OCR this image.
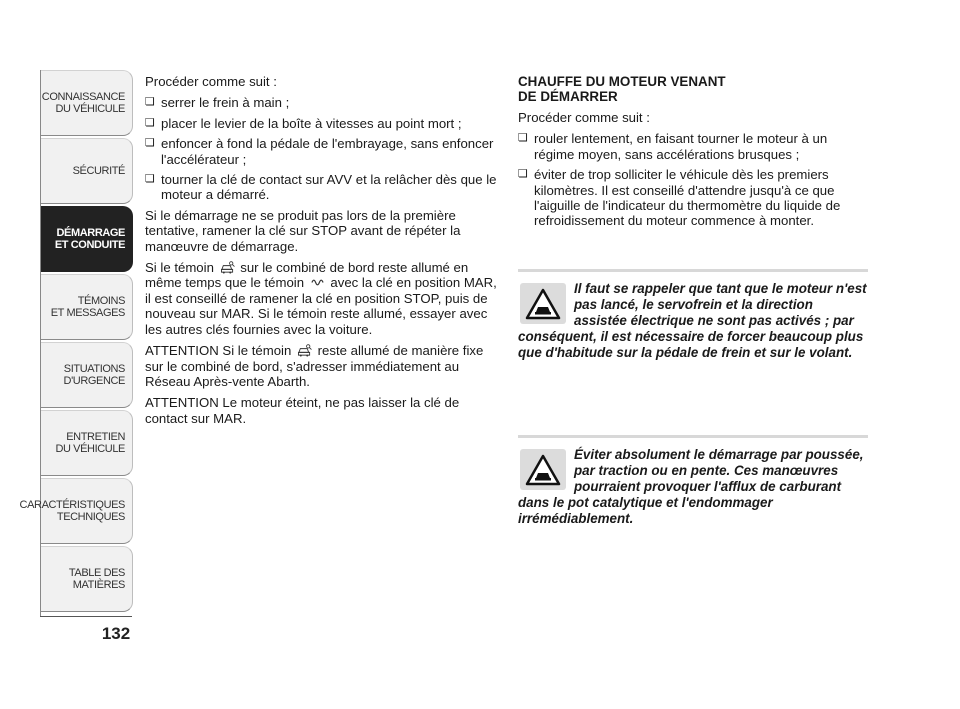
CONNAISSANCE
DU VÉHICULE
SÉCURITÉ
DÉMARRAGE
ET CONDUITE
TÉMOINS
ET MESSAGES
SITUATIONS
D'URGENCE
ENTRETIEN
DU VÉHICULE
CARACTÉRISTIQUES
TECHNIQUES
TABLE DES
MATIÈRES
132

Procéder comme suit :

❏ serrer le frein à main ;
❏ placer le levier de la boîte à vitesses au point mort ;
❏ enfoncer à fond la pédale de l'embrayage, sans enfoncer l'accélérateur ;
❏ tourner la clé de contact sur AVV et la relâcher dès que le moteur a démarré.

Si le démarrage ne se produit pas lors de la première tentative, ramener la clé sur STOP avant de répéter la manœuvre de démarrage.

Si le témoin sur le combiné de bord reste allumé en même temps que le témoin avec la clé en position MAR, il est conseillé de ramener la clé en position STOP, puis de nouveau sur MAR. Si le témoin reste allumé, essayer avec les autres clés fournies avec la voiture.

ATTENTION Si le témoin reste allumé de manière fixe sur le combiné de bord, s'adresser immédiatement au Réseau Après-vente Abarth.

ATTENTION Le moteur éteint, ne pas laisser la clé de contact sur MAR.

CHAUFFE DU MOTEUR VENANT
DE DÉMARRER

Procéder comme suit :

❏ rouler lentement, en faisant tourner le moteur à un régime moyen, sans accélérations brusques ;
❏ éviter de trop solliciter le véhicule dès les premiers kilomètres. Il est conseillé d'attendre jusqu'à ce que l'aiguille de l'indicateur du thermomètre du liquide de refroidissement du moteur commence à monter.
Il faut se rappeler que tant que le moteur n'est pas lancé, le servofrein et la direction assistée électrique ne sont pas activés ; par conséquent, il est nécessaire de forcer beaucoup plus que d'habitude sur la pédale de frein et sur le volant.
Éviter absolument le démarrage par poussée, par traction ou en pente. Ces manœuvres pourraient provoquer l'afflux de carburant dans le pot catalytique et l'endommager irrémédiablement.
